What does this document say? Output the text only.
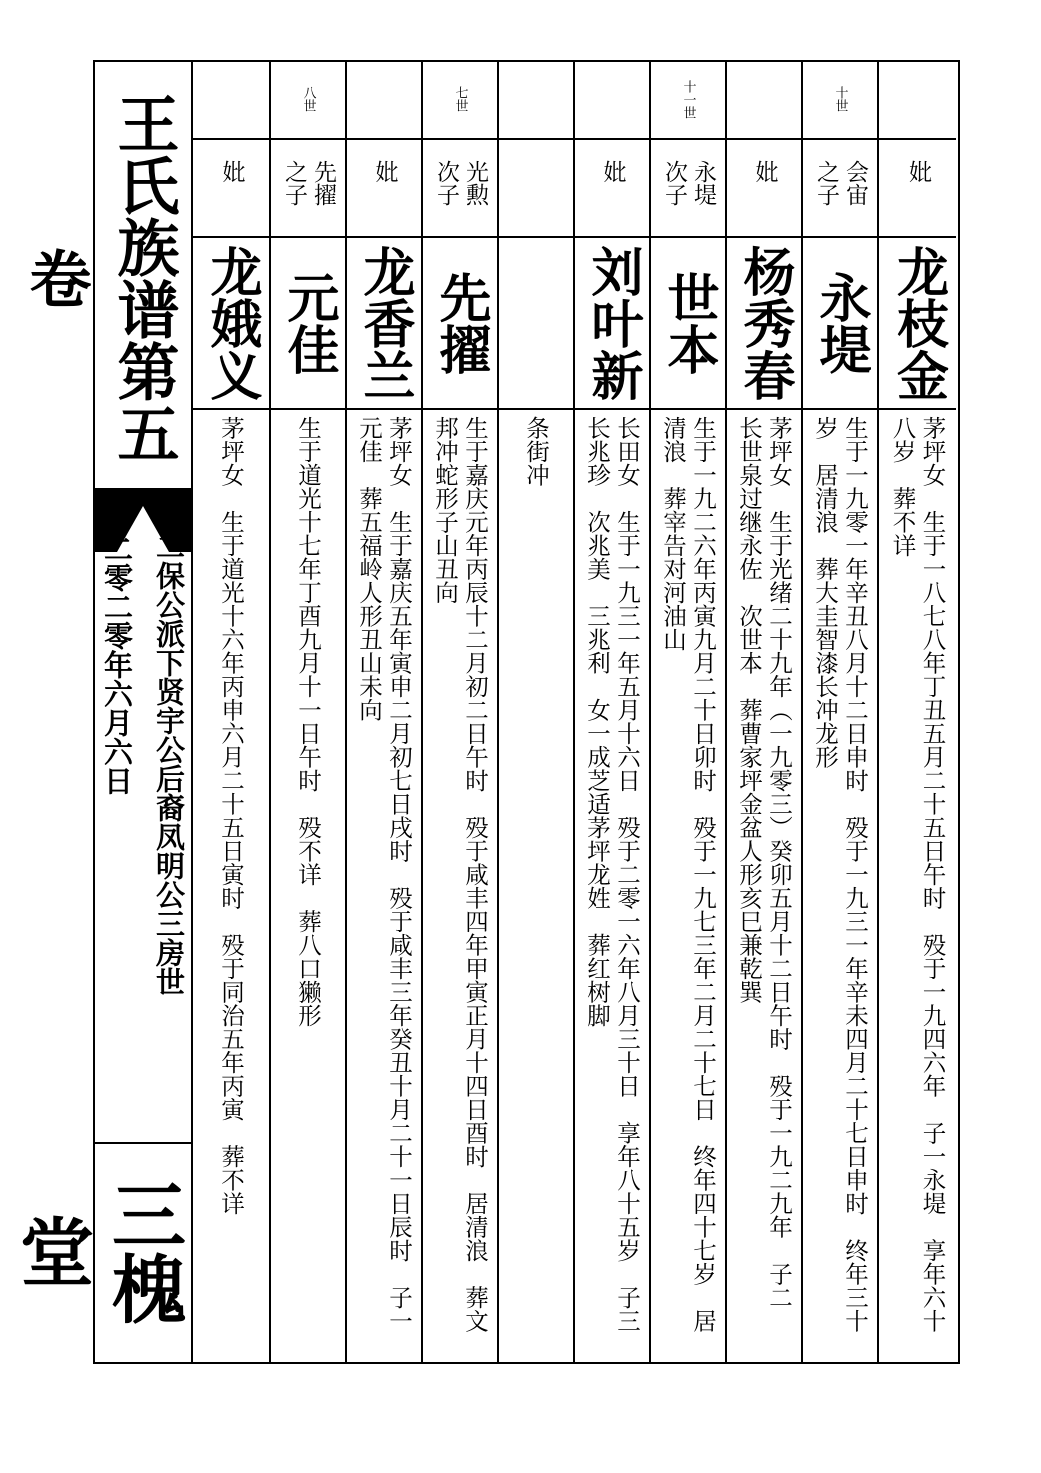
王氏族谱第五卷
二保公派下贤宇公后裔凤明公三房世
二零二零年六月六日
三槐堂
妣
龙枝金
茅坪女　生于一八七八年丁丑五月二十五日午时　殁于一九四六年　子一永堤　享年六十八岁　葬不详
十世
会宙之子
永堤
生于一九零一年辛丑八月十二日申时　殁于一九三一年辛未四月二十七日申时　终年三十岁　居清浪　葬大圭智漆长冲龙形
妣
杨秀春
茅坪女　生于光绪二十九年（一九零三）癸卯五月十二日午时　殁于一九二九年　子二　长世泉过继永佐　次世本　葬曹家坪金盆人形亥巳兼乾巽
十一世
永堤次子
世本
生于一九二六年丙寅九月二十日卯时　殁于一九七三年二月二十七日　终年四十七岁　居清浪　葬宰告对河油山
妣
刘叶新
长田女　生于一九三一年五月十六日　殁于二零一六年八月三十日　享年八十五岁　子三　长兆珍　次兆美　三兆利　女一成芝适茅坪龙姓　葬红树脚
条街冲
七世
光勲次子
先擢
生于嘉庆元年丙辰十二月初二日午时　殁于咸丰四年甲寅正月十四日酉时　居清浪　葬文邦冲蛇形子山丑向
妣
龙香兰
茅坪女　生于嘉庆五年寅申二月初七日戌时　殁于咸丰三年癸丑十月二十一日辰时　子一元佳　葬五福岭人形丑山未向
八世
先擢之子
元佳
生于道光十七年丁酉九月十一日午时　殁不详　葬八口獭形
妣
龙娥义
茅坪女　生于道光十六年丙申六月二十五日寅时　殁于同治五年丙寅　葬不详
